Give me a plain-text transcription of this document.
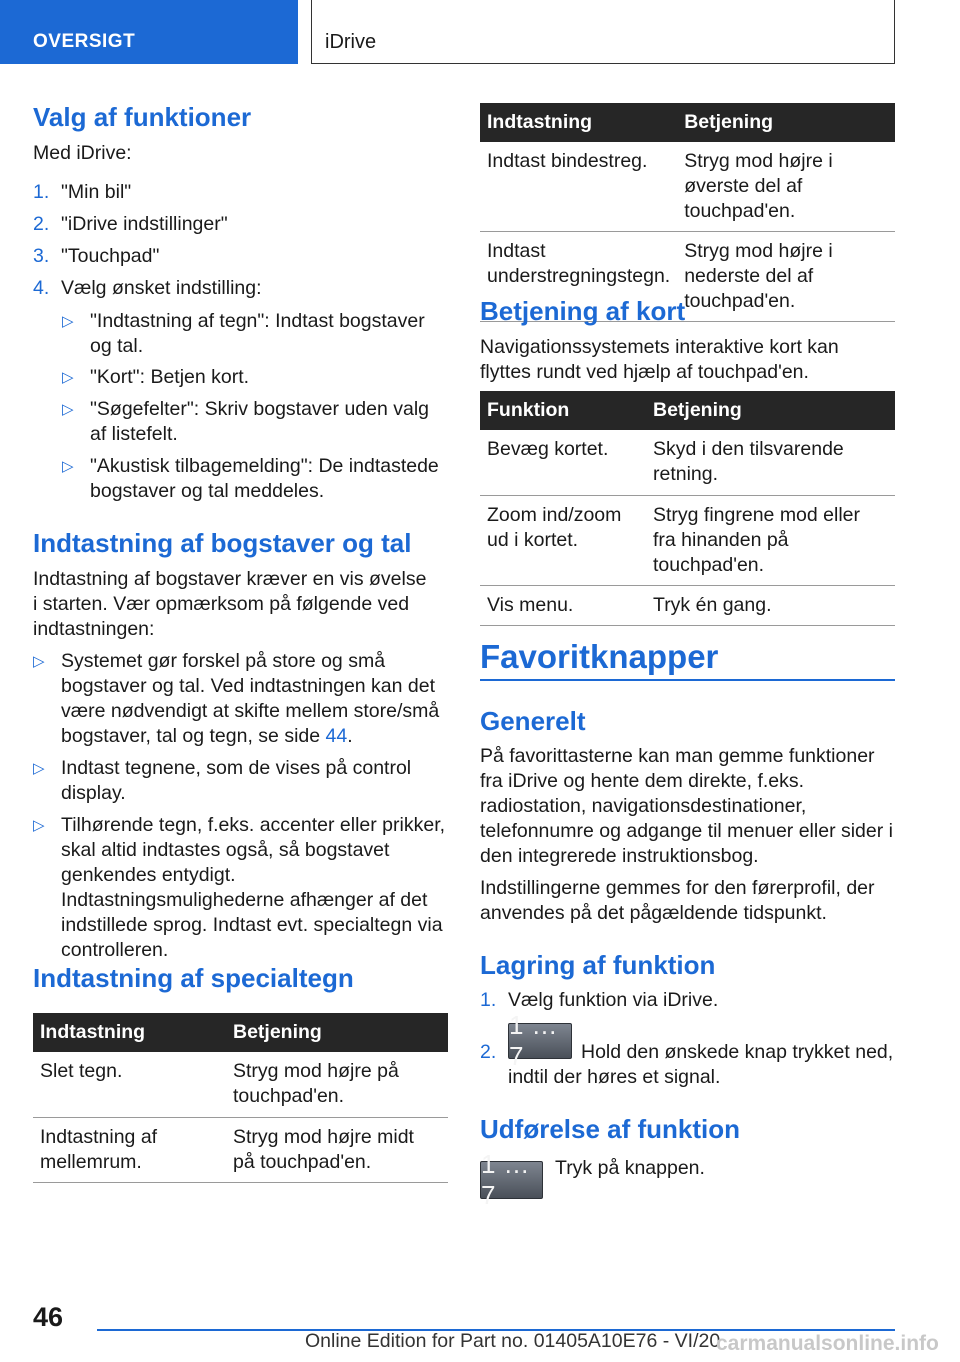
OVERSIGT	iDrive
Valg af funktioner
Med iDrive:
1. "Min bil"
2. "iDrive indstillinger"
3. "Touchpad"
4. Vælg ønsket indstilling:
▷ "Indtastning af tegn": Indtast bogstaver og tal.
▷ "Kort": Betjen kort.
▷ "Søgefelter": Skriv bogstaver uden valg af listefelt.
▷ "Akustisk tilbagemelding": De indtastede bogstaver og tal meddeles.
Indtastning af bogstaver og tal
Indtastning af bogstaver kræver en vis øvelse i starten. Vær opmærksom på følgende ved indtastningen:
▷ Systemet gør forskel på store og små bogstaver og tal. Ved indtastningen kan det være nødvendigt at skifte mellem store/små bogstaver, tal og tegn, se side 44.
▷ Indtast tegnene, som de vises på control display.
▷ Tilhørende tegn, f.eks. accenter eller prikker, skal altid indtastes også, så bogstavet genkendes entydigt. Indtastningsmulighederne afhænger af det indstillede sprog. Indtast evt. specialtegn via controlleren.
Indtastning af specialtegn
Indtastning	Betjening
Slet tegn.	Stryg mod højre på touchpad'en.
Indtastning af mellemrum.	Stryg mod højre midt på touchpad'en.
Indtastning	Betjening
Indtast bindestreg.	Stryg mod højre i øverste del af touchpad'en.
Indtast understregningstegn.	Stryg mod højre i nederste del af touchpad'en.
Betjening af kort
Navigationssystemets interaktive kort kan flyttes rundt ved hjælp af touchpad'en.
Funktion	Betjening
Bevæg kortet.	Skyd i den tilsvarende retning.
Zoom ind/zoom ud i kortet.	Stryg fingrene mod eller fra hinanden på touchpad'en.
Vis menu.	Tryk én gang.
Favoritknapper
Generelt
På favorittasterne kan man gemme funktioner fra iDrive og hente dem direkte, f.eks. radiostation, navigationsdestinationer, telefonnumre og adgange til menuer eller sider i den integrerede instruktionsbog.
Indstillingerne gemmes for den førerprofil, der anvendes på det pågældende tidspunkt.
Lagring af funktion
1. Vælg funktion via iDrive.
2.
1 ... 7	Hold den ønskede knap trykket ned, indtil der høres et signal.
Udførelse af funktion
1 ... 7
Tryk på knappen.
46
Online Edition for Part no. 01405A10E76 - VI/20
carmanualsonline.info
